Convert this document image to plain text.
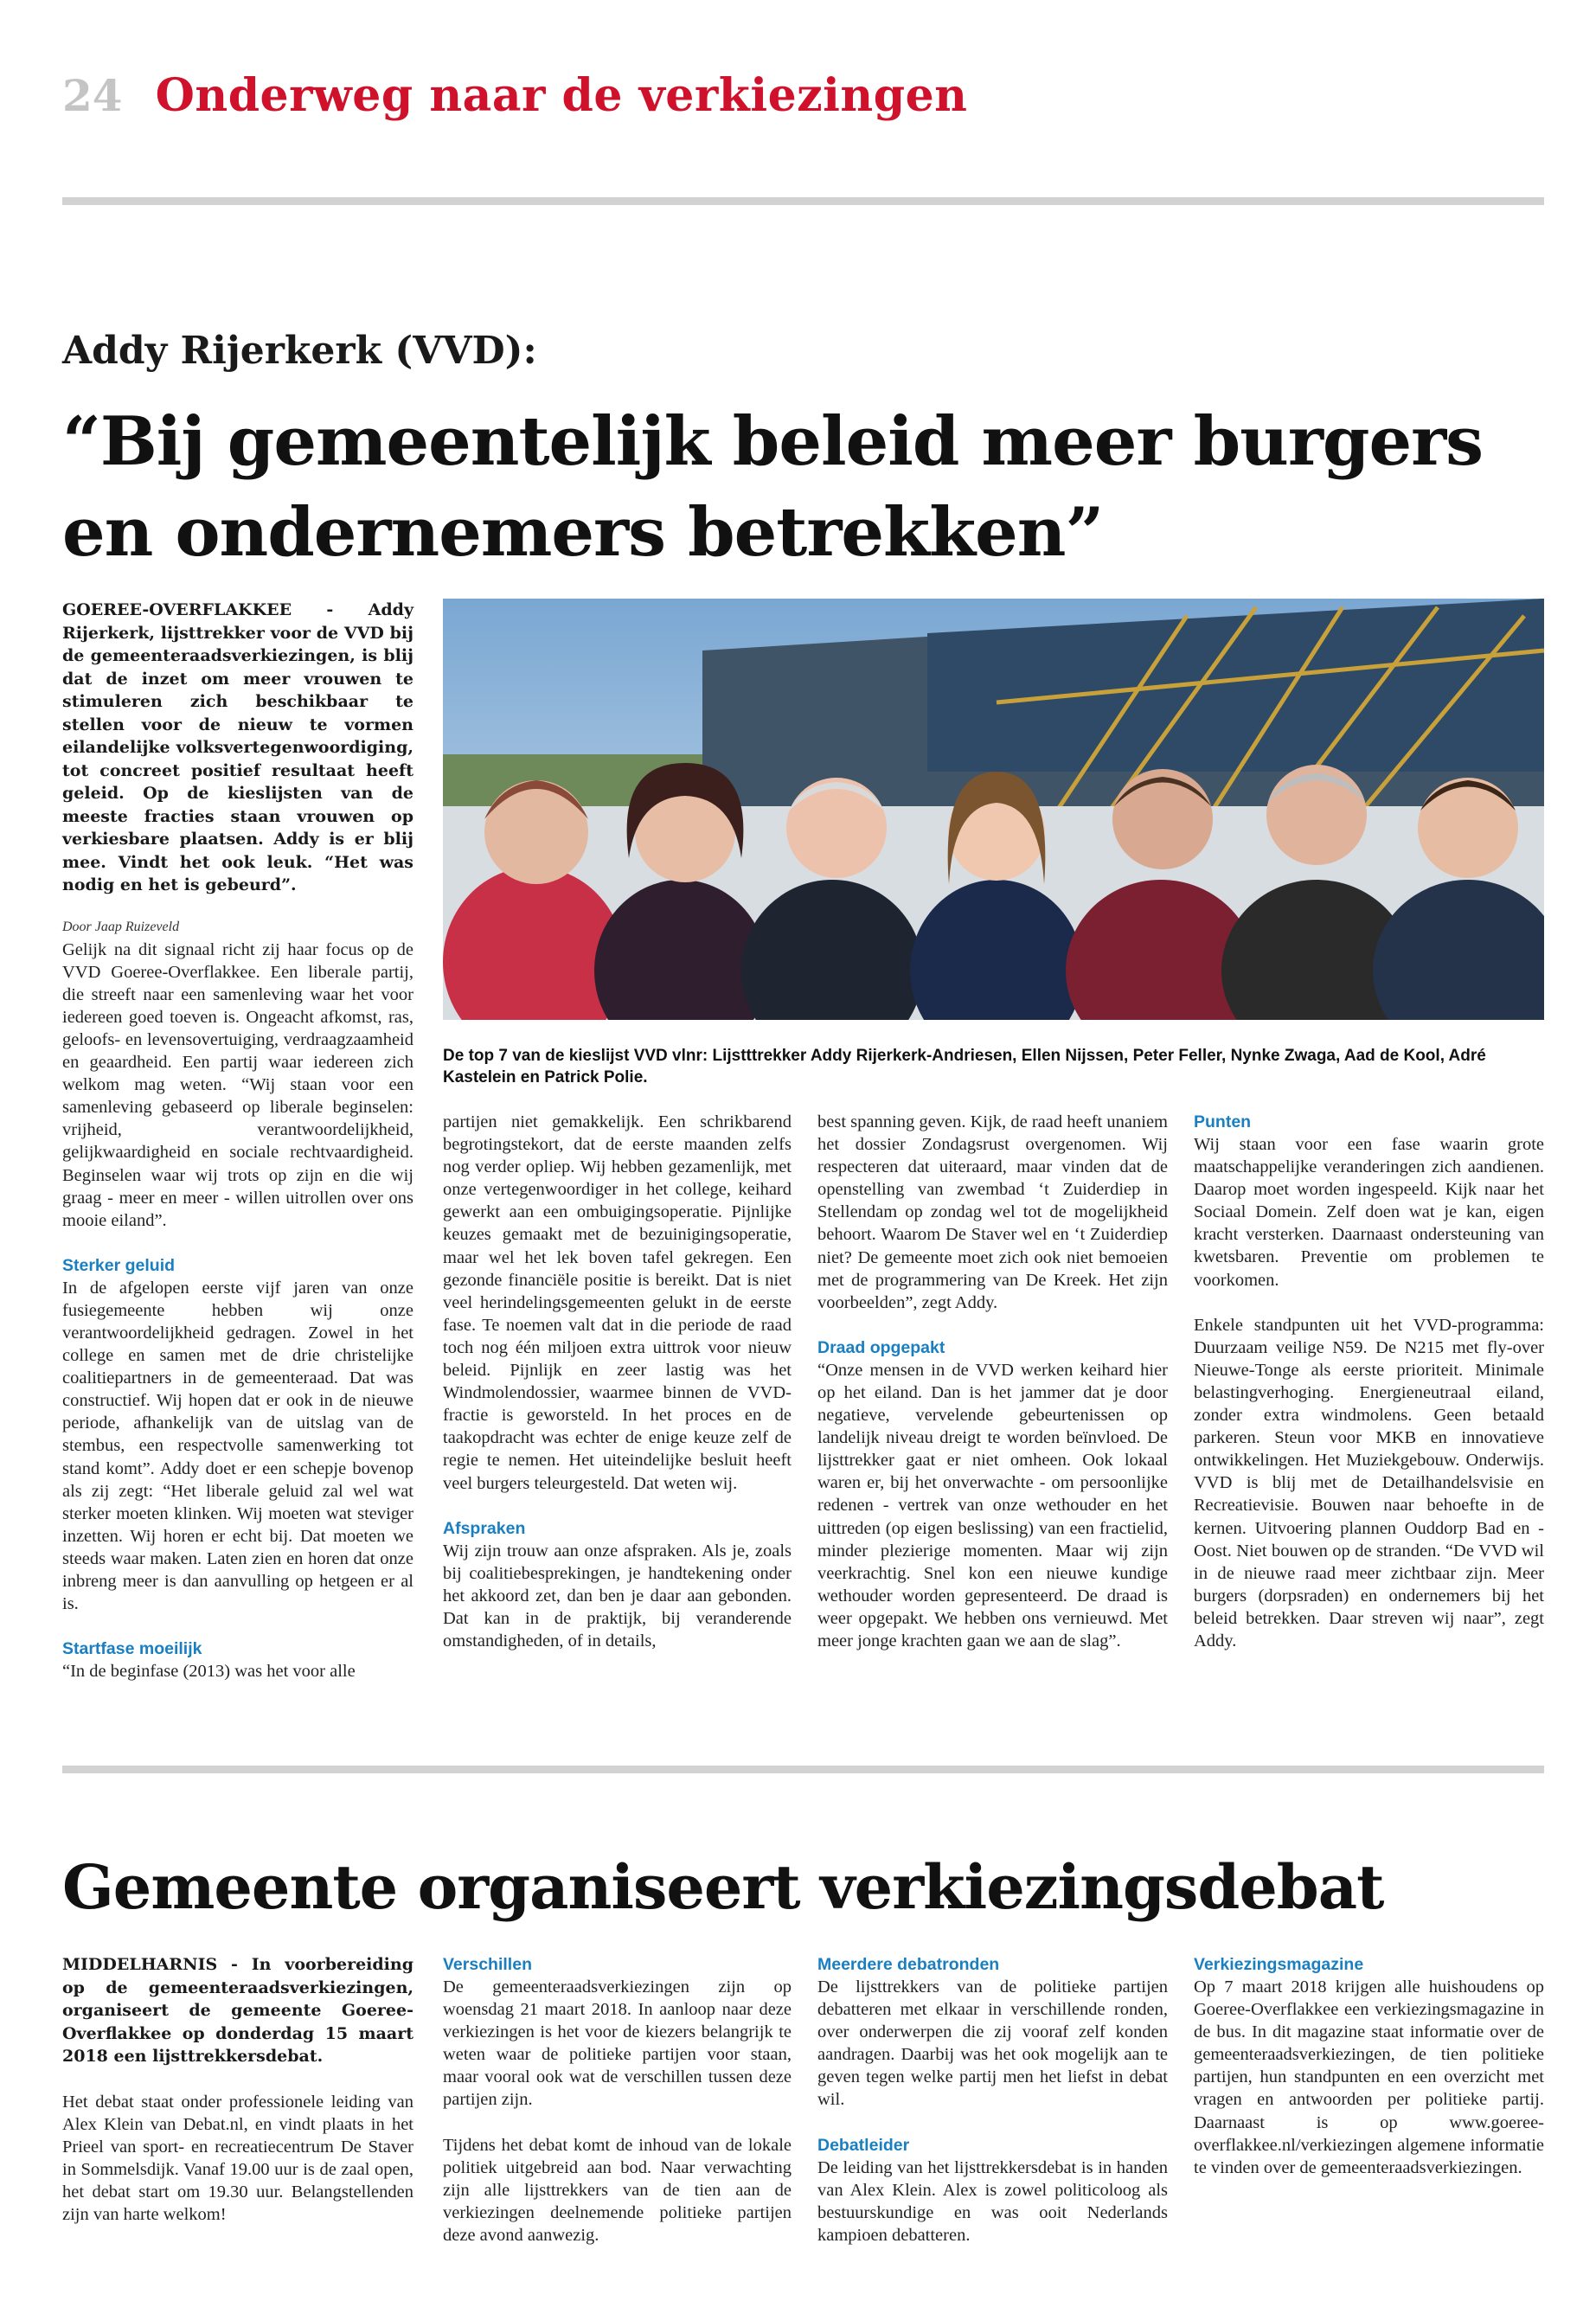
24 Onderweg naar de verkiezingen
Addy Rijerkerk (VVD):
“Bij gemeentelijk beleid meer burgers en ondernemers betrekken”

GOEREE-OVERFLAKKEE - Addy Rijerkerk, lijsttrekker voor de VVD bij de gemeenteraadsverkiezingen, is blij dat de inzet om meer vrouwen te stimuleren zich beschikbaar te stellen voor de nieuw te vormen eilandelijke volksvertegenwoordiging, tot concreet positief resultaat heeft geleid. Op de kieslijsten van de meeste fracties staan vrouwen op verkiesbare plaatsen. Addy is er blij mee. Vindt het ook leuk. “Het was nodig en het is gebeurd”.

Door Jaap Ruizeveld

Gelijk na dit signaal richt zij haar focus op de VVD Goeree-Overflakkee. Een liberale partij, die streeft naar een samenleving waar het voor iedereen goed toeven is. Ongeacht afkomst, ras, geloofs- en levensovertuiging, verdraagzaamheid en geaardheid. Een partij waar iedereen zich welkom mag weten. “Wij staan voor een samenleving gebaseerd op liberale beginselen: vrijheid, verantwoordelijkheid, gelijkwaardigheid en sociale rechtvaardigheid. Beginselen waar wij trots op zijn en die wij graag - meer en meer - willen uitrollen over ons mooie eiland”.

Sterker geluid

In de afgelopen eerste vijf jaren van onze fusiegemeente hebben wij onze verantwoordelijkheid gedragen. Zowel in het college en samen met de drie christelijke coalitiepartners in de gemeenteraad. Dat was constructief. Wij hopen dat er ook in de nieuwe periode, afhankelijk van de uitslag van de stembus, een respectvolle samenwerking tot stand komt”. Addy doet er een schepje bovenop als zij zegt: “Het liberale geluid zal wel wat sterker moeten klinken. Wij moeten wat steviger inzetten. Wij horen er echt bij. Dat moeten we steeds waar maken. Laten zien en horen dat onze inbreng meer is dan aanvulling op hetgeen er al is.

Startfase moeilijk

“In de beginfase (2013) was het voor alle

De top 7 van de kieslijst VVD vlnr: Lijstttrekker Addy Rijerkerk-Andriesen, Ellen Nijssen, Peter Feller, Nynke Zwaga, Aad de Kool, Adré Kastelein en Patrick Polie.

partijen niet gemakkelijk. Een schrikbarend begrotingstekort, dat de eerste maanden zelfs nog verder opliep. Wij hebben gezamenlijk, met onze vertegenwoordiger in het college, keihard gewerkt aan een ombuigingsoperatie. Pijnlijke keuzes gemaakt met de bezuinigingsoperatie, maar wel het lek boven tafel gekregen. Een gezonde financiële positie is bereikt. Dat is niet veel herindelingsgemeenten gelukt in de eerste fase. Te noemen valt dat in die periode de raad toch nog één miljoen extra uittrok voor nieuw beleid. Pijnlijk en zeer lastig was het Windmolendossier, waarmee binnen de VVD-fractie is geworsteld. In het proces en de taakopdracht was echter de enige keuze zelf de regie te nemen. Het uiteindelijke besluit heeft veel burgers teleurgesteld. Dat weten wij.

Afspraken

Wij zijn trouw aan onze afspraken. Als je, zoals bij coalitiebesprekingen, je handtekening onder het akkoord zet, dan ben je daar aan gebonden. Dat kan in de praktijk, bij veranderende omstandigheden, of in details,

best spanning geven. Kijk, de raad heeft unaniem het dossier Zondagsrust overgenomen. Wij respecteren dat uiteraard, maar vinden dat de openstelling van zwembad ‘t Zuiderdiep in Stellendam op zondag wel tot de mogelijkheid behoort. Waarom De Staver wel en ‘t Zuiderdiep niet? De gemeente moet zich ook niet bemoeien met de programmering van De Kreek. Het zijn voorbeelden”, zegt Addy.

Draad opgepakt

“Onze mensen in de VVD werken keihard hier op het eiland. Dan is het jammer dat je door negatieve, vervelende gebeurtenissen op landelijk niveau dreigt te worden beïnvloed. De lijsttrekker gaat er niet omheen. Ook lokaal waren er, bij het onverwachte - om persoonlijke redenen - vertrek van onze wethouder en het uittreden (op eigen beslissing) van een fractielid, minder plezierige momenten. Maar wij zijn veerkrachtig. Snel kon een nieuwe kundige wethouder worden gepresenteerd. De draad is weer opgepakt. We hebben ons vernieuwd. Met meer jonge krachten gaan we aan de slag”.

Punten

Wij staan voor een fase waarin grote maatschappelijke veranderingen zich aandienen. Daarop moet worden ingespeeld. Kijk naar het Sociaal Domein. Zelf doen wat je kan, eigen kracht versterken. Daarnaast ondersteuning van kwetsbaren. Preventie om problemen te voorkomen.

Enkele standpunten uit het VVD-programma: Duurzaam veilige N59. De N215 met fly-over Nieuwe-Tonge als eerste prioriteit. Minimale belastingverhoging. Energieneutraal eiland, zonder extra windmolens. Geen betaald parkeren. Steun voor MKB en innovatieve ontwikkelingen. Het Muziekgebouw. Onderwijs. VVD is blij met de Detailhandelsvisie en Recreatievisie. Bouwen naar behoefte in de kernen. Uitvoering plannen Ouddorp Bad en -Oost. Niet bouwen op de stranden. “De VVD wil in de nieuwe raad meer zichtbaar zijn. Meer burgers (dorpsraden) en ondernemers bij het beleid betrekken. Daar streven wij naar”, zegt Addy.

Gemeente organiseert verkiezingsdebat

MIDDELHARNIS - In voorbereiding op de gemeenteraadsverkiezingen, organiseert de gemeente Goeree-Overflakkee op donderdag 15 maart 2018 een lijsttrekkersdebat.

Het debat staat onder professionele leiding van Alex Klein van Debat.nl, en vindt plaats in het Prieel van sport- en recreatiecentrum De Staver in Sommelsdijk. Vanaf 19.00 uur is de zaal open, het debat start om 19.30 uur. Belangstellenden zijn van harte welkom!

Verschillen

De gemeenteraadsverkiezingen zijn op woensdag 21 maart 2018. In aanloop naar deze verkiezingen is het voor de kiezers belangrijk te weten waar de politieke partijen voor staan, maar vooral ook wat de verschillen tussen deze partijen zijn.

Tijdens het debat komt de inhoud van de lokale politiek uitgebreid aan bod. Naar verwachting zijn alle lijsttrekkers van de tien aan de verkiezingen deelnemende politieke partijen deze avond aanwezig.

Meerdere debatronden

De lijsttrekkers van de politieke partijen debatteren met elkaar in verschillende ronden, over onderwerpen die zij vooraf zelf konden aandragen. Daarbij was het ook mogelijk aan te geven tegen welke partij men het liefst in debat wil.

Debatleider

De leiding van het lijsttrekkersdebat is in handen van Alex Klein. Alex is zowel politicoloog als bestuurskundige en was ooit Nederlands kampioen debatteren.

Verkiezingsmagazine

Op 7 maart 2018 krijgen alle huishoudens op Goeree-Overflakkee een verkiezingsmagazine in de bus. In dit magazine staat informatie over de gemeenteraadsverkiezingen, de tien politieke partijen, hun standpunten en een overzicht met vragen en antwoorden per politieke partij. Daarnaast is op www.goeree-overflakkee.nl/verkiezingen algemene informatie te vinden over de gemeenteraadsverkiezingen.
